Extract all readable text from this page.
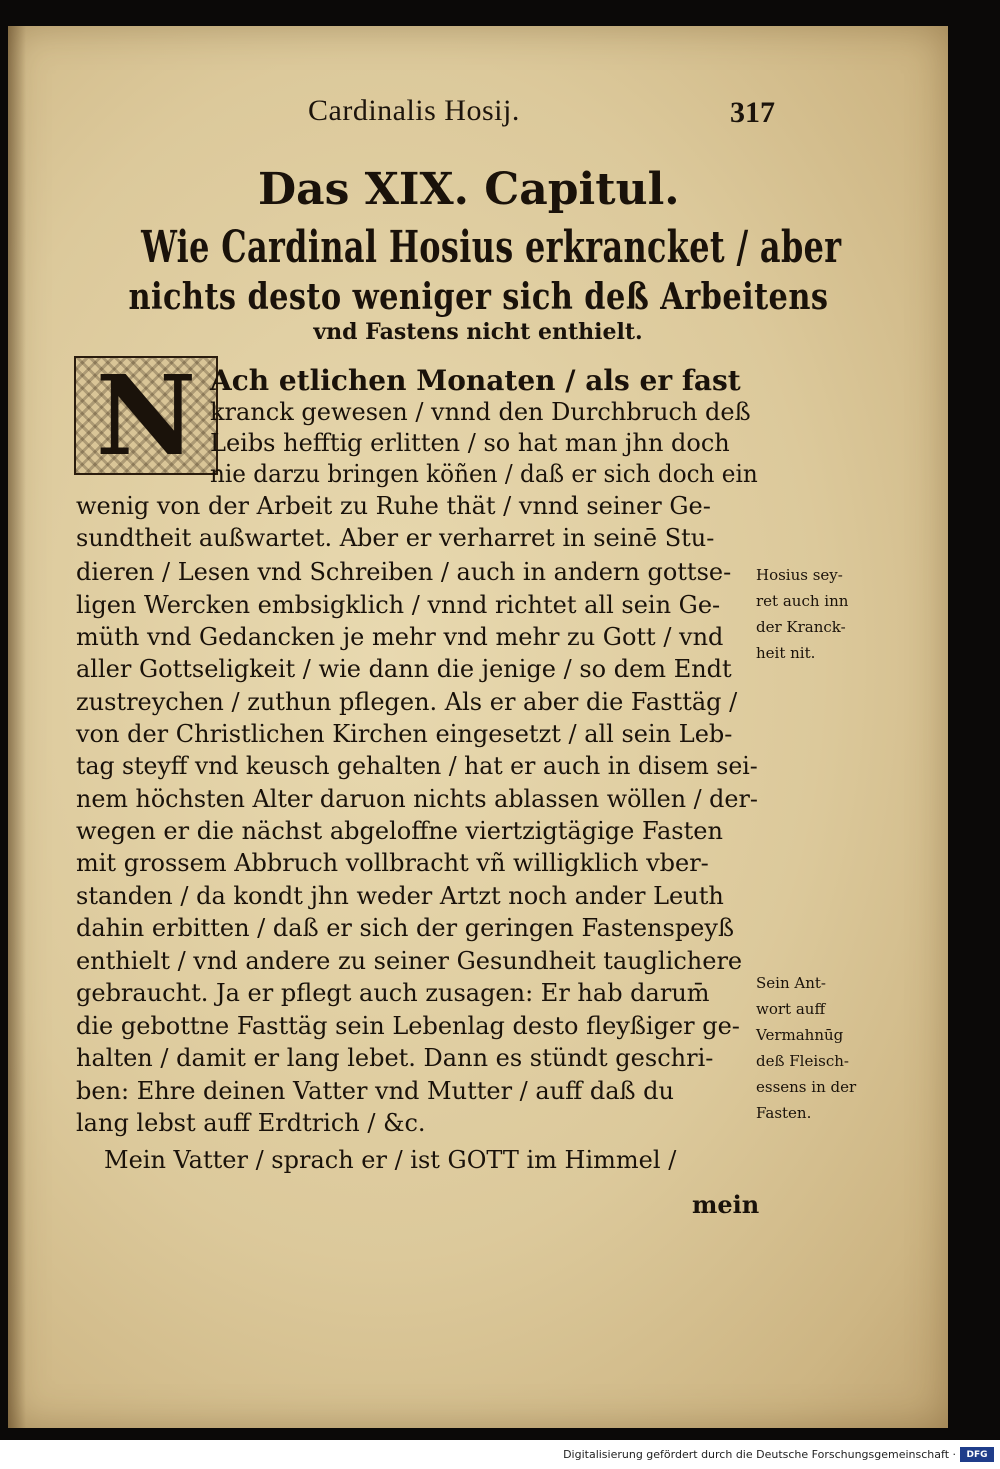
Cardinalis Hosij.	317
Das XIX. Capitul.
Wie Cardinal Hosius erkrancket / aber
nichts desto weniger sich deß Arbeitens
vnd Fastens nicht enthielt.
N Ach etlichen Monaten / als er fast
kranck gewesen / vnnd den Durchbruch deß
Leibs hefftig erlitten / so hat man jhn doch
nie darzu bringen köñen / daß er sich doch ein
wenig von der Arbeit zu Ruhe thät / vnnd seiner Ge-
sundtheit außwartet. Aber er verharret in seinē Stu-
dieren / Lesen vnd Schreiben / auch in andern gottse-
ligen Wercken embsigklich / vnnd richtet all sein Ge-
müth vnd Gedancken je mehr vnd mehr zu Gott / vnd
aller Gottseligkeit / wie dann die jenige / so dem Endt
zustreychen / zuthun pflegen. Als er aber die Fasttäg /
von der Christlichen Kirchen eingesetzt / all sein Leb-
tag steyff vnd keusch gehalten / hat er auch in disem sei-
nem höchsten Alter daruon nichts ablassen wöllen / der-
wegen er die nächst abgeloffne viertzigtägige Fasten
mit grossem Abbruch vollbracht vñ willigklich vber-
standen / da kondt jhn weder Artzt noch ander Leuth
dahin erbitten / daß er sich der geringen Fastenspeyß
enthielt / vnd andere zu seiner Gesundheit tauglichere
gebraucht. Ja er pflegt auch zusagen: Er hab darum̄
die gebottne Fasttäg sein Lebenlag desto fleyßiger ge-
halten / damit er lang lebet. Dann es stündt geschri-
ben: Ehre deinen Vatter vnd Mutter / auff daß du
lang lebst auff Erdtrich / &c.
Mein Vatter / sprach er / ist GOTT im Himmel /
mein
Hosius sey-
ret auch inn
der Kranck-
heit nit.
Sein Ant-
wort auff
Vermahnūg
deß Fleisch-
essens in der
Fasten.
Digitalisierung gefördert durch die Deutsche Forschungsgemeinschaft ·	DFG
